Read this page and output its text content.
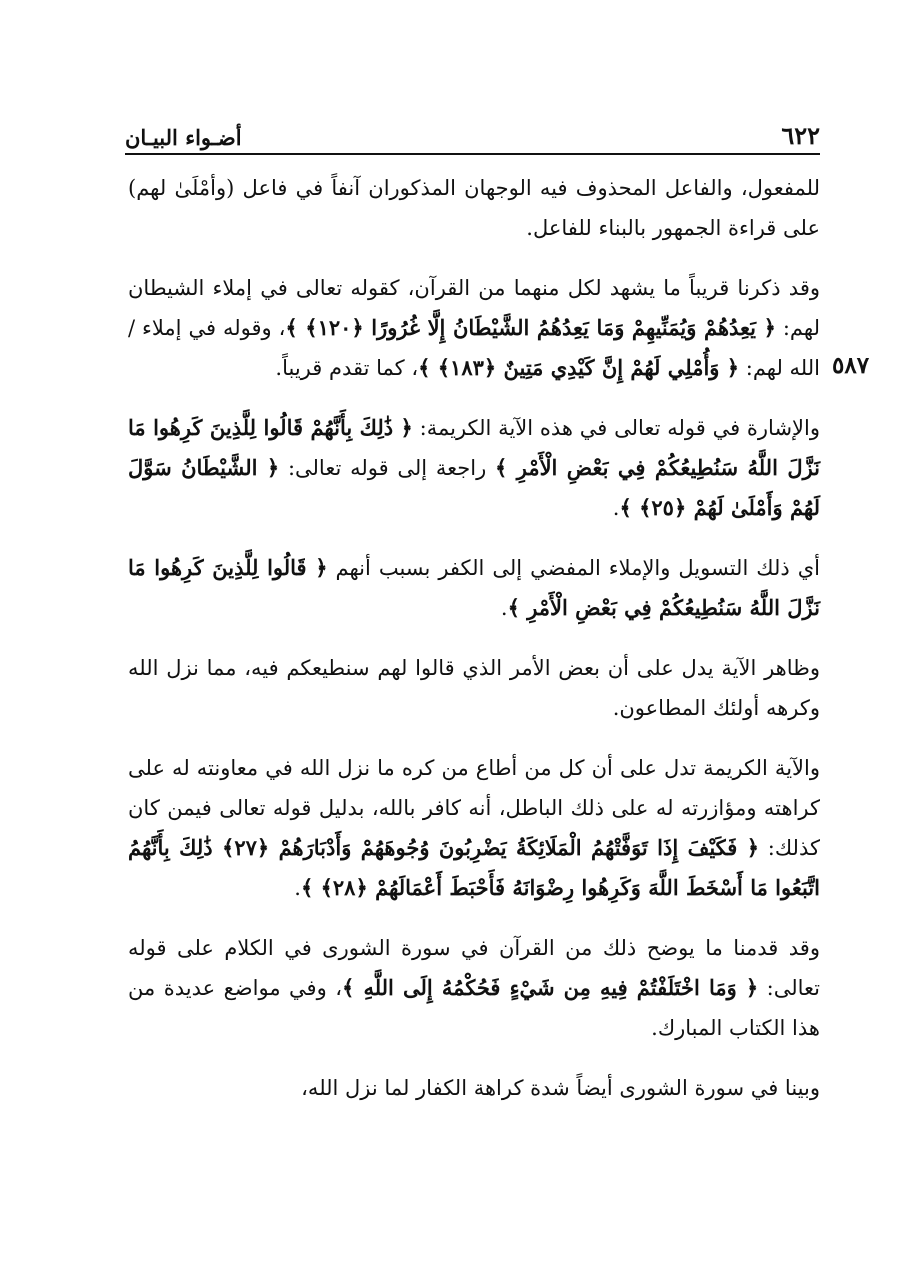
٦٢٢
أضـواء البيـان
٥٨٧

للمفعول، والفاعل المحذوف فيه الوجهان المذكوران آنفاً في فاعل (وأمْلَىٰ لهم) على قراءة الجمهور بالبناء للفاعل.

وقد ذكرنا قريباً ما يشهد لكل منهما من القرآن، كقوله تعالى في إملاء الشيطان لهم: ﴿ يَعِدُهُمْ وَيُمَنِّيهِمْ وَمَا يَعِدُهُمُ الشَّيْطَانُ إِلَّا غُرُورًا ﴿١٢٠﴾ ﴾، وقوله في إملاء / الله لهم: ﴿ وَأُمْلِي لَهُمْ إِنَّ كَيْدِي مَتِينٌ ﴿١٨٣﴾ ﴾، كما تقدم قريباً.

والإشارة في قوله تعالى في هذه الآية الكريمة: ﴿ ذَٰلِكَ بِأَنَّهُمْ قَالُوا لِلَّذِينَ كَرِهُوا مَا نَزَّلَ اللَّهُ سَنُطِيعُكُمْ فِي بَعْضِ الْأَمْرِ ﴾ راجعة إلى قوله تعالى: ﴿ الشَّيْطَانُ سَوَّلَ لَهُمْ وَأَمْلَىٰ لَهُمْ ﴿٢٥﴾ ﴾.

أي ذلك التسويل والإملاء المفضي إلى الكفر بسبب أنهم ﴿ قَالُوا لِلَّذِينَ كَرِهُوا مَا نَزَّلَ اللَّهُ سَنُطِيعُكُمْ فِي بَعْضِ الْأَمْرِ ﴾.

وظاهر الآية يدل على أن بعض الأمر الذي قالوا لهم سنطيعكم فيه، مما نزل الله وكرهه أولئك المطاعون.

والآية الكريمة تدل على أن كل من أطاع من كره ما نزل الله في معاونته له على كراهته ومؤازرته له على ذلك الباطل، أنه كافر بالله، بدليل قوله تعالى فيمن كان كذلك: ﴿ فَكَيْفَ إِذَا تَوَفَّتْهُمُ الْمَلَائِكَةُ يَضْرِبُونَ وُجُوهَهُمْ وَأَدْبَارَهُمْ ﴿٢٧﴾ ذَٰلِكَ بِأَنَّهُمُ اتَّبَعُوا مَا أَسْخَطَ اللَّهَ وَكَرِهُوا رِضْوَانَهُ فَأَحْبَطَ أَعْمَالَهُمْ ﴿٢٨﴾ ﴾.

وقد قدمنا ما يوضح ذلك من القرآن في سورة الشورى في الكلام على قوله تعالى: ﴿ وَمَا اخْتَلَفْتُمْ فِيهِ مِن شَيْءٍ فَحُكْمُهُ إِلَى اللَّهِ ﴾، وفي مواضع عديدة من هذا الكتاب المبارك.

وبينا في سورة الشورى أيضاً شدة كراهة الكفار لما نزل الله،
